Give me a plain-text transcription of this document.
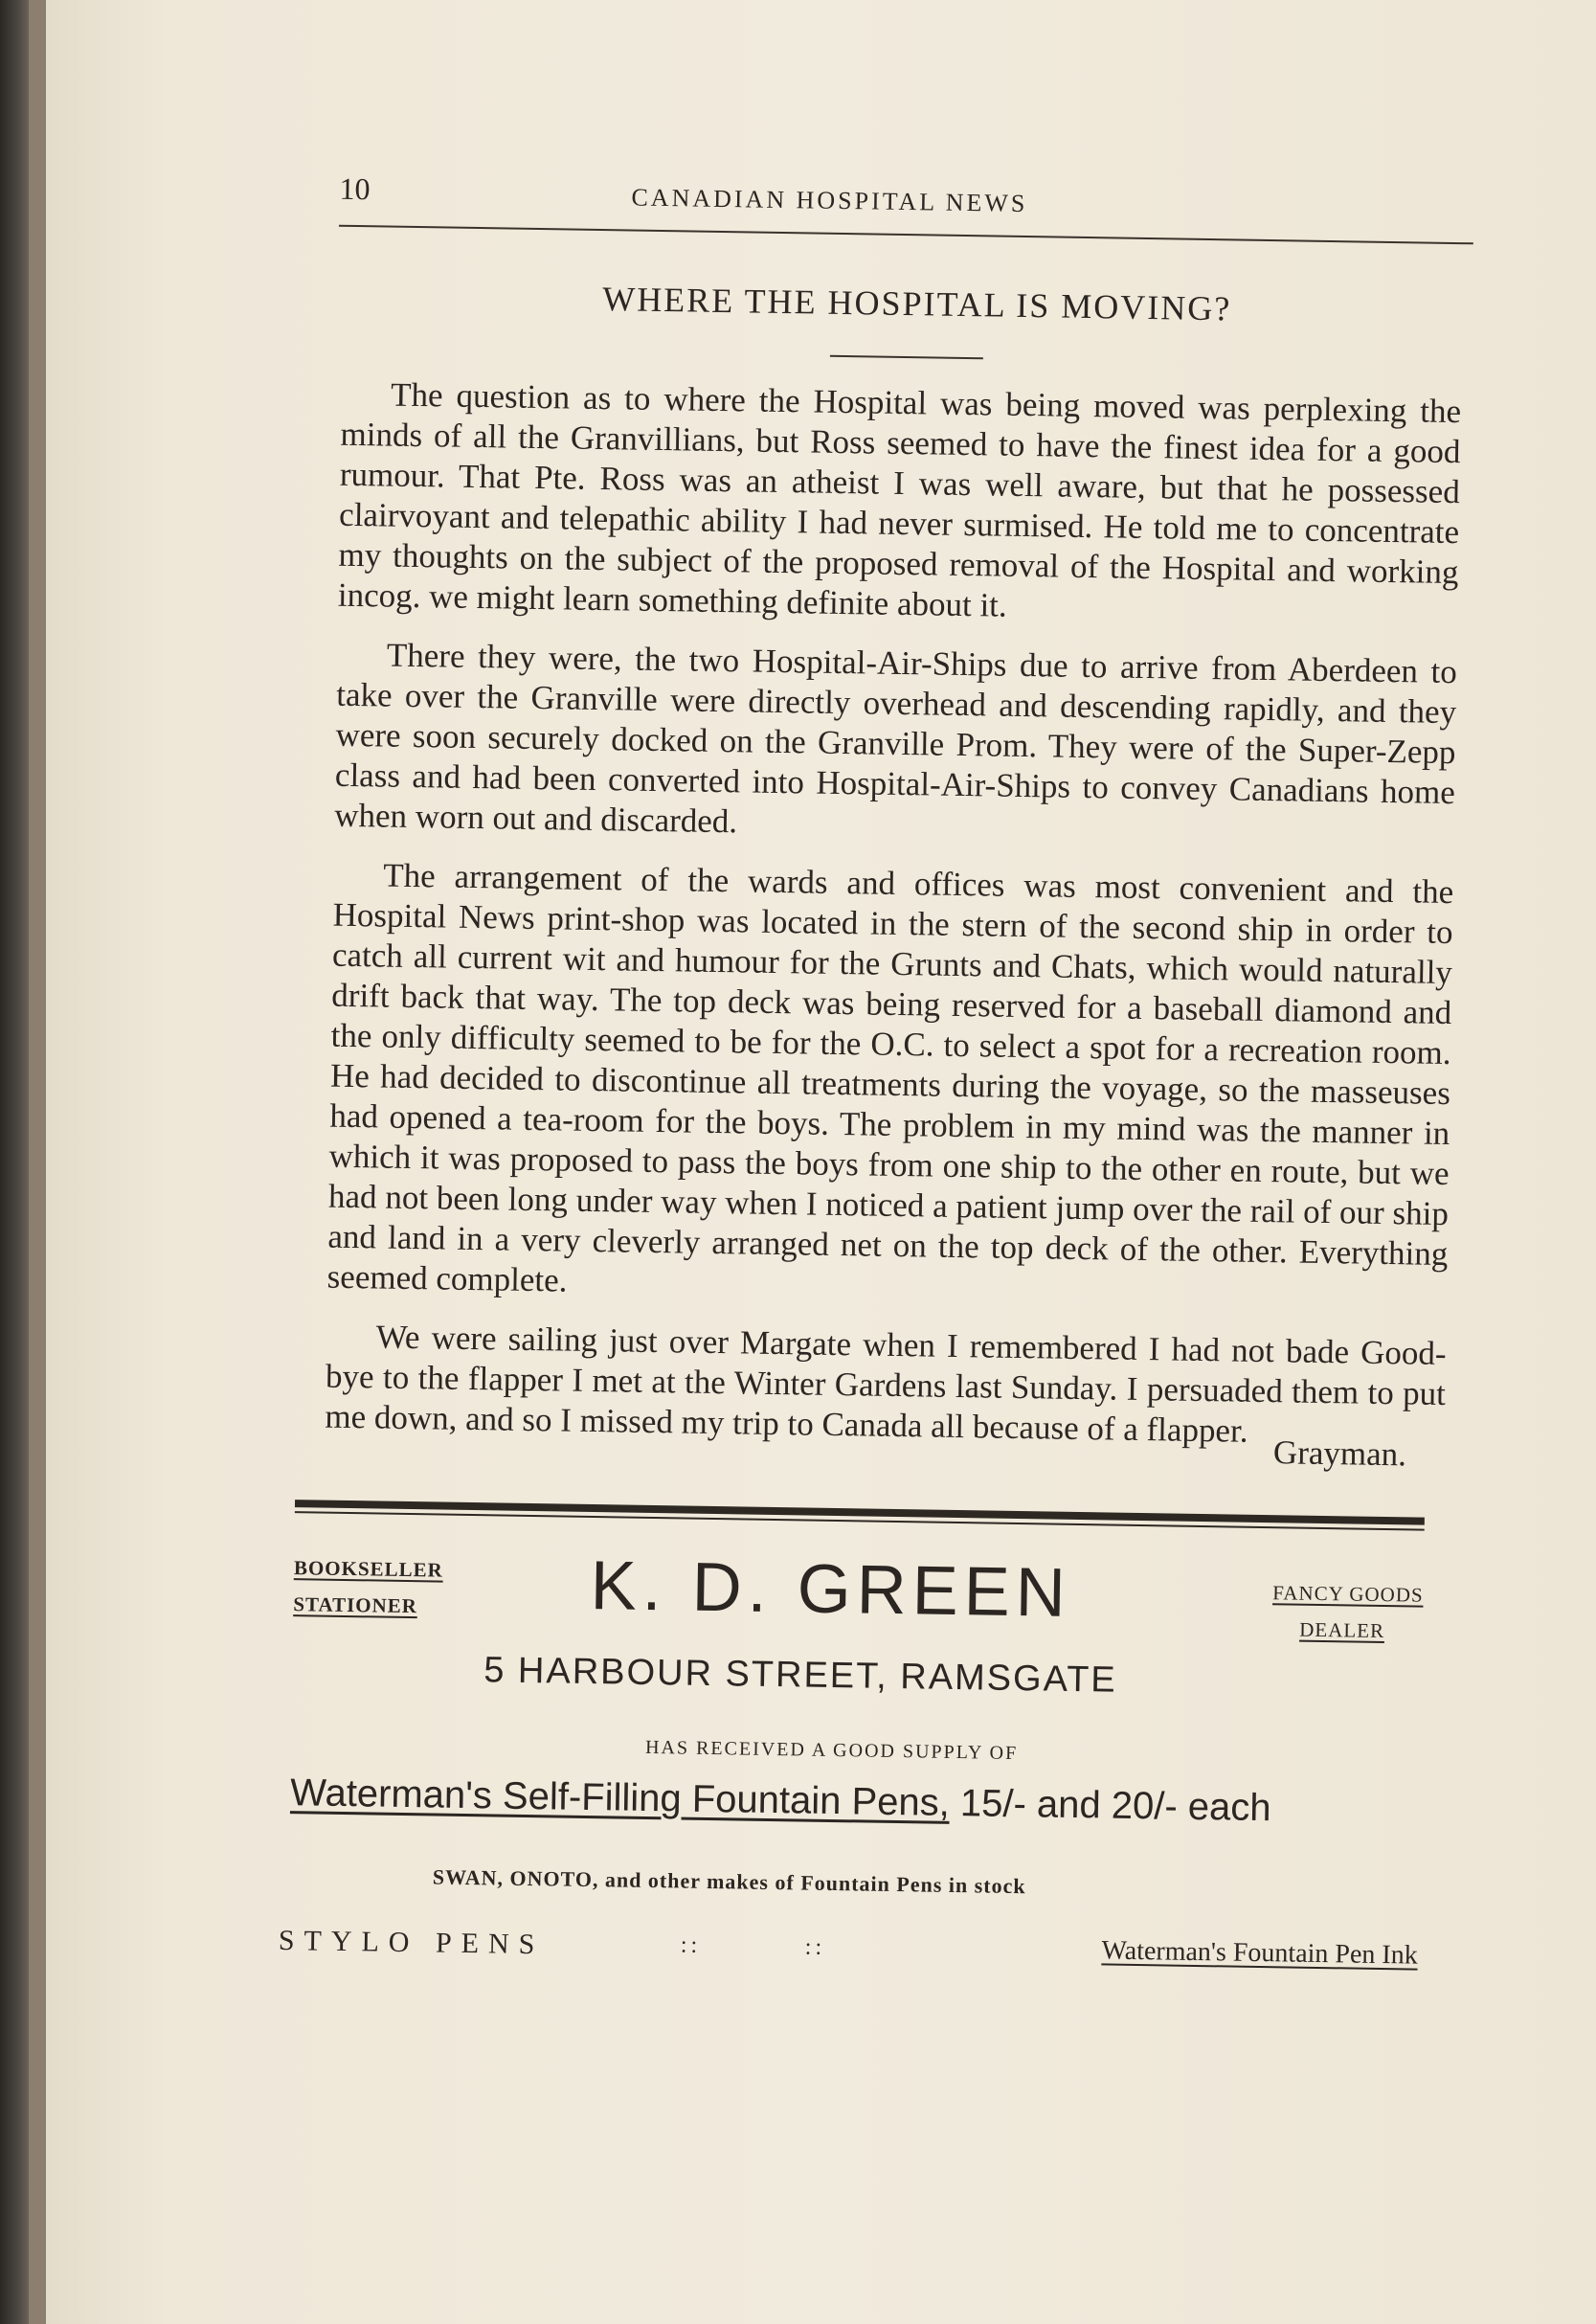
10	CANADIAN HOSPITAL NEWS
WHERE THE HOSPITAL IS MOVING?

The question as to where the Hospital was being moved was perplexing the minds of all the Granvillians, but Ross seemed to have the finest idea for a good rumour. That Pte. Ross was an atheist I was well aware, but that he possessed clairvoyant and telepathic ability I had never surmised. He told me to concentrate my thoughts on the subject of the proposed removal of the Hospital and working incog. we might learn something definite about it.

There they were, the two Hospital-Air-Ships due to arrive from Aberdeen to take over the Granville were directly overhead and descending rapidly, and they were soon securely docked on the Granville Prom. They were of the Super-Zepp class and had been converted into Hospital-Air-Ships to convey Canadians home when worn out and discarded.

The arrangement of the wards and offices was most convenient and the Hospital News print-shop was located in the stern of the second ship in order to catch all current wit and humour for the Grunts and Chats, which would naturally drift back that way. The top deck was being reserved for a baseball diamond and the only difficulty seemed to be for the O.C. to select a spot for a recreation room. He had decided to discontinue all treatments during the voyage, so the masseuses had opened a tea-room for the boys. The problem in my mind was the manner in which it was proposed to pass the boys from one ship to the other en route, but we had not been long under way when I noticed a patient jump over the rail of our ship and land in a very cleverly arranged net on the top deck of the other. Everything seemed complete.

We were sailing just over Margate when I remembered I had not bade Good-bye to the flapper I met at the Winter Gardens last Sunday. I persuaded them to put me down, and so I missed my trip to Canada all because of a flapper.

Grayman.
BOOKSELLER
STATIONER	K. D. GREEN	FANCY GOODS
DEALER
5 HARBOUR STREET, RAMSGATE
HAS RECEIVED A GOOD SUPPLY OF
Waterman's Self-Filling Fountain Pens, 15/- and 20/- each
SWAN, ONOTO, and other makes of Fountain Pens in stock
STYLO PENS	::	::	Waterman's Fountain Pen Ink
